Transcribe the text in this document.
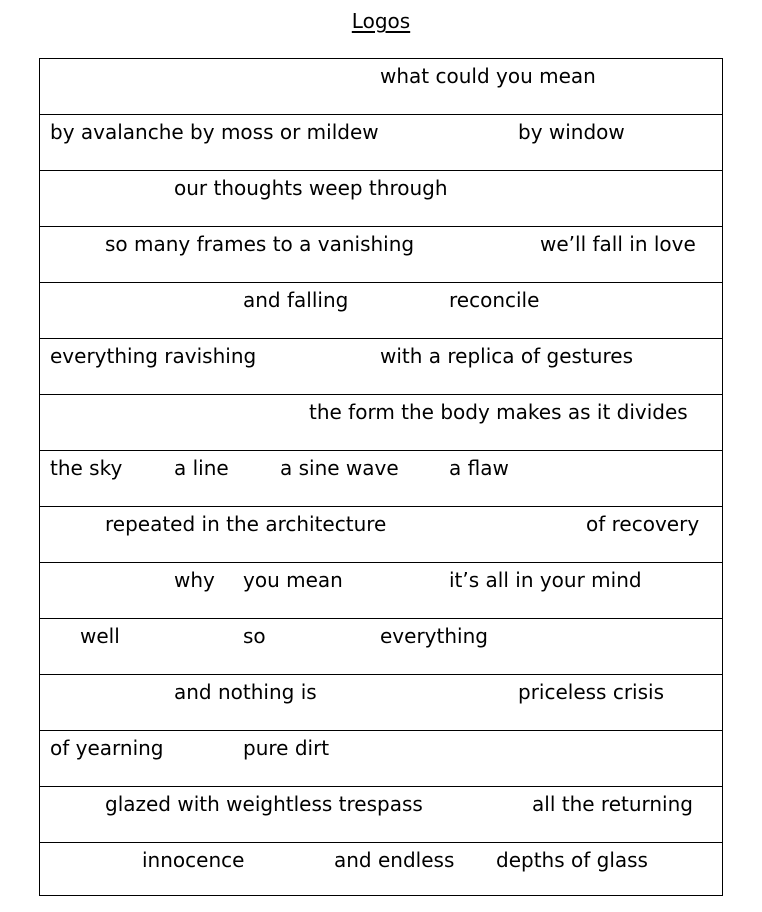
Logos
what could you mean
by avalanche by moss or mildew	by window
our thoughts weep through
so many frames to a vanishing	we’ll fall in love
and falling	reconcile
everything ravishing	with a replica of gestures
the form the body makes as it divides
the sky	a line	a sine wave	a flaw
repeated in the architecture	of recovery
why you mean	it’s all in your mind
well	so	everything
and nothing is	priceless crisis
of yearning	pure dirt
glazed with weightless trespass	all the returning
innocence	and endless depths of glass
